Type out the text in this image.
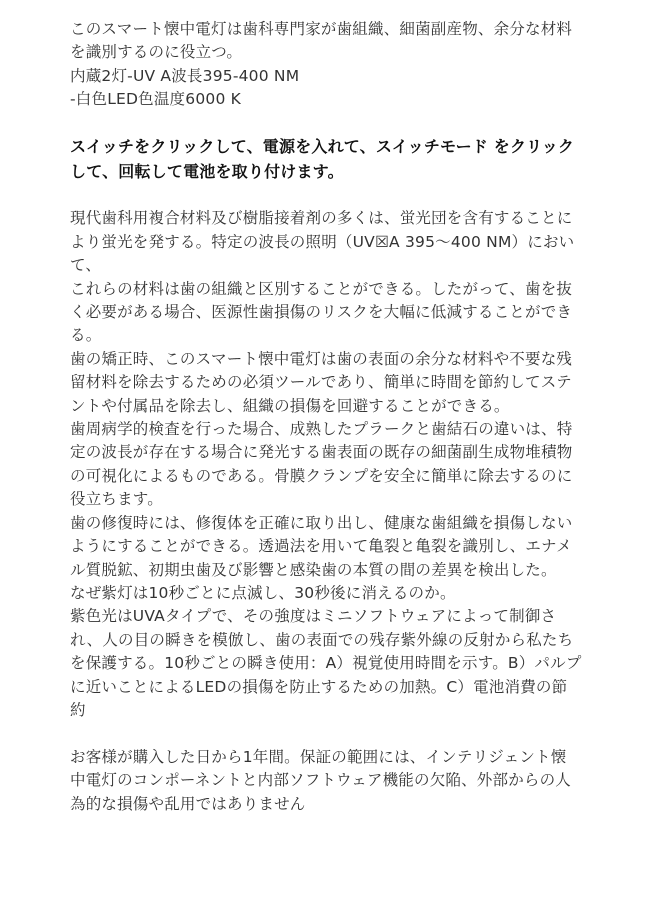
このスマート懐中電灯は歯科専門家が歯組織、細菌副産物、余分な材料を識別するのに役立つ。

内蔵2灯-UV A波長395-400 NM

-白色LED色温度6000 K

スイッチをクリックして、電源を入れて、スイッチモード をクリックして、回転して電池を取り付けます。

現代歯科用複合材料及び樹脂接着剤の多くは、蛍光団を含有することにより蛍光を発する。特定の波長の照明（UV☒A 395～400 NM）において、

これらの材料は歯の組織と区別することができる。したがって、歯を抜く必要がある場合、医源性歯損傷のリスクを大幅に低減することができる。

歯の矯正時、このスマート懐中電灯は歯の表面の余分な材料や不要な残留材料を除去するための必須ツールであり、簡単に時間を節約してステントや付属品を除去し、組織の損傷を回避することができる。

歯周病学的検査を行った場合、成熟したプラークと歯結石の違いは、特定の波長が存在する場合に発光する歯表面の既存の細菌副生成物堆積物の可視化によるものである。骨膜クランプを安全に簡単に除去するのに役立ちます。

歯の修復時には、修復体を正確に取り出し、健康な歯組織を損傷しないようにすることができる。透過法を用いて亀裂と亀裂を識別し、エナメル質脱鉱、初期虫歯及び影響と感染歯の本質の間の差異を検出した。

なぜ紫灯は10秒ごとに点滅し、30秒後に消えるのか。

紫色光はUVAタイプで、その強度はミニソフトウェアによって制御され、人の目の瞬きを模倣し、歯の表面での残存紫外線の反射から私たちを保護する。10秒ごとの瞬き使用：A）視覚使用時間を示す。B）パルプに近いことによるLEDの損傷を防止するための加熱。C）電池消費の節約

お客様が購入した日から1年間。保証の範囲には、インテリジェント懐中電灯のコンポーネントと内部ソフトウェア機能の欠陥、外部からの人為的な損傷や乱用ではありません
